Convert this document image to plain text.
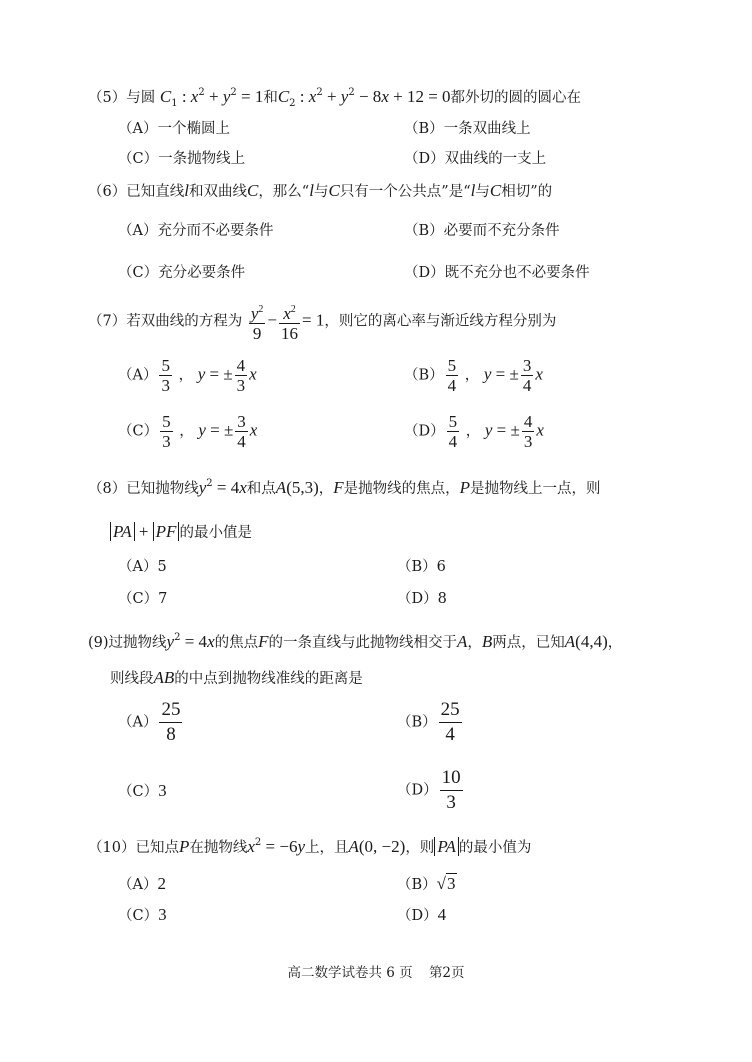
（5）与圆 $C_1$ : $x^2 + y^2 = 1$和$C_2$ : $x^2 + y^2 - 8x + 12 = 0$都外切的圆的圆心在
（A）一个椭圆上	（B）一条双曲线上
（C）一条抛物线上	（D）双曲线的一支上
（6）已知直线l和双曲线C，那么“l与C只有一个公共点”是“l与C相切”的
（A）充分而不必要条件	（B）必要而不充分条件
（C）充分必要条件	（D）既不充分也不必要条件
（7）若双曲线的方程为 $\frac{y^2}{9} - \frac{x^2}{16} = 1$，则它的离心率与渐近线方程分别为
$(A) \frac{5}{3}$ ， y = ± $\frac{4}{3}$ x	$(B) \frac{5}{4}$ ， y = ± $\frac{3}{4}$ x
$(C) \frac{5}{3}$ ， y = ± $\frac{3}{4}$ x	$(D) \frac{5}{4}$ ， y = ± $\frac{4}{3}$ x
（8）已知抛物线$y^2 = 4x$和点A(5,3)，F是抛物线的焦点，P是抛物线上一点，则
PA + PF 的最小值是
（A）5	（B）6
（C）7	（D）8
(9)过抛物线$y^2 = 4x$的焦点F的一条直线与此抛物线相交于A，B两点，已知A(4,4)，
则线段AB的中点到抛物线准线的距离是
$(A) \frac{25}{8}$	$(B) \frac{25}{4}$
（C）3	$(D) \frac{10}{3}$
（10）已知点P在抛物线$x^2 = -6y$上，且A(0, −2)，则 PA 的最小值为
（A）2	（B）√3
（C）3	（D）4
高二数学试卷共 6 页 第2页
